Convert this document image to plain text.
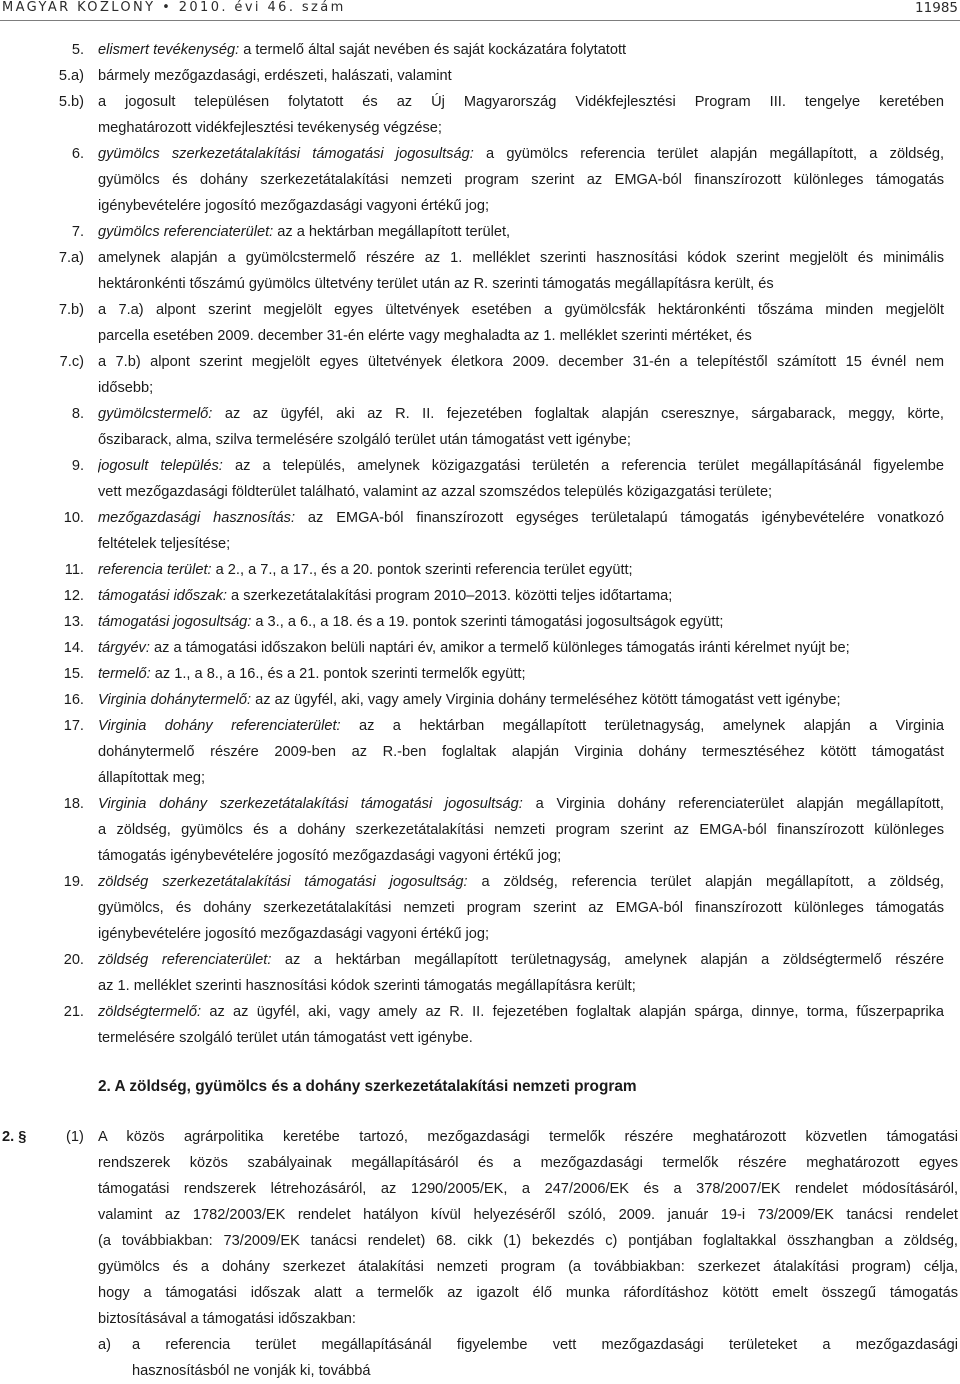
MAGYAR KÖZLÖNY • 2010. évi 46. szám	11985
5. elismert tevékenység: a termelő által saját nevében és saját kockázatára folytatott
5.a) bármely mezőgazdasági, erdészeti, halászati, valamint
5.b) a jogosult településen folytatott és az Új Magyarország Vidékfejlesztési Program III. tengelye keretében
meghatározott vidékfejlesztési tevékenység végzése;
6. gyümölcs szerkezetátalakítási támogatási jogosultság: a gyümölcs referencia terület alapján megállapított, a zöldség,
gyümölcs és dohány szerkezetátalakítási nemzeti program szerint az EMGA-ból finanszírozott különleges támogatás
igénybevételére jogosító mezőgazdasági vagyoni értékű jog;
7. gyümölcs referenciaterület: az a hektárban megállapított terület,
7.a) amelynek alapján a gyümölcstermelő részére az 1. melléklet szerinti hasznosítási kódok szerint megjelölt és minimális
hektáronkénti tőszámú gyümölcs ültetvény terület után az R. szerinti támogatás megállapításra került, és
7.b) a 7.a) alpont szerint megjelölt egyes ültetvények esetében a gyümölcsfák hektáronkénti tőszáma minden megjelölt
parcella esetében 2009. december 31-én elérte vagy meghaladta az 1. melléklet szerinti mértéket, és
7.c) a 7.b) alpont szerint megjelölt egyes ültetvények életkora 2009. december 31-én a telepítéstől számított 15 évnél nem
idősebb;
8. gyümölcstermelő: az az ügyfél, aki az R. II. fejezetében foglaltak alapján cseresznye, sárgabarack, meggy, körte,
őszibarack, alma, szilva termelésére szolgáló terület után támogatást vett igénybe;
9. jogosult település: az a település, amelynek közigazgatási területén a referencia terület megállapításánál figyelembe
vett mezőgazdasági földterület található, valamint az azzal szomszédos település közigazgatási területe;
10. mezőgazdasági hasznosítás: az EMGA-ból finanszírozott egységes területalapú támogatás igénybevételére vonatkozó
feltételek teljesítése;
11. referencia terület: a 2., a 7., a 17., és a 20. pontok szerinti referencia terület együtt;
12. támogatási időszak: a szerkezetátalakítási program 2010–2013. közötti teljes időtartama;
13. támogatási jogosultság: a 3., a 6., a 18. és a 19. pontok szerinti támogatási jogosultságok együtt;
14. tárgyév: az a támogatási időszakon belüli naptári év, amikor a termelő különleges támogatás iránti kérelmet nyújt be;
15. termelő: az 1., a 8., a 16., és a 21. pontok szerinti termelők együtt;
16. Virginia dohánytermelő: az az ügyfél, aki, vagy amely Virginia dohány termeléséhez kötött támogatást vett igénybe;
17. Virginia dohány referenciaterület: az a hektárban megállapított területnagyság, amelynek alapján a Virginia
dohánytermelő részére 2009-ben az R.-ben foglaltak alapján Virginia dohány termesztéséhez kötött támogatást
állapítottak meg;
18. Virginia dohány szerkezetátalakítási támogatási jogosultság: a Virginia dohány referenciaterület alapján megállapított,
a zöldség, gyümölcs és a dohány szerkezetátalakítási nemzeti program szerint az EMGA-ból finanszírozott különleges
támogatás igénybevételére jogosító mezőgazdasági vagyoni értékű jog;
19. zöldség szerkezetátalakítási támogatási jogosultság: a zöldség, referencia terület alapján megállapított, a zöldség,
gyümölcs, és dohány szerkezetátalakítási nemzeti program szerint az EMGA-ból finanszírozott különleges támogatás
igénybevételére jogosító mezőgazdasági vagyoni értékű jog;
20. zöldség referenciaterület: az a hektárban megállapított területnagyság, amelynek alapján a zöldségtermelő részére
az 1. melléklet szerinti hasznosítási kódok szerinti támogatás megállapításra került;
21. zöldségtermelő: az az ügyfél, aki, vagy amely az R. II. fejezetében foglaltak alapján spárga, dinnye, torma, fűszerpaprika
termelésére szolgáló terület után támogatást vett igénybe.
2. A zöldség, gyümölcs és a dohány szerkezetátalakítási nemzeti program
2. §	(1) A közös agrárpolitika keretébe tartozó, mezőgazdasági termelők részére meghatározott közvetlen támogatási
rendszerek közös szabályainak megállapításáról és a mezőgazdasági termelők részére meghatározott egyes
támogatási rendszerek létrehozásáról, az 1290/2005/EK, a 247/2006/EK és a 378/2007/EK rendelet módosításáról,
valamint az 1782/2003/EK rendelet hatályon kívül helyezéséről szóló, 2009. január 19-i 73/2009/EK tanácsi rendelet
(a továbbiakban: 73/2009/EK tanácsi rendelet) 68. cikk (1) bekezdés c) pontjában foglaltakkal összhangban a zöldség,
gyümölcs és a dohány szerkezet átalakítási nemzeti program (a továbbiakban: szerkezet átalakítási program) célja,
hogy a támogatási időszak alatt a termelők az igazolt élő munka ráfordításhoz kötött emelt összegű támogatás
biztosításával a támogatási időszakban:
a)	a referencia terület megállapításánál figyelembe vett mezőgazdasági területeket a mezőgazdasági
hasznosításból ne vonják ki, továbbá
